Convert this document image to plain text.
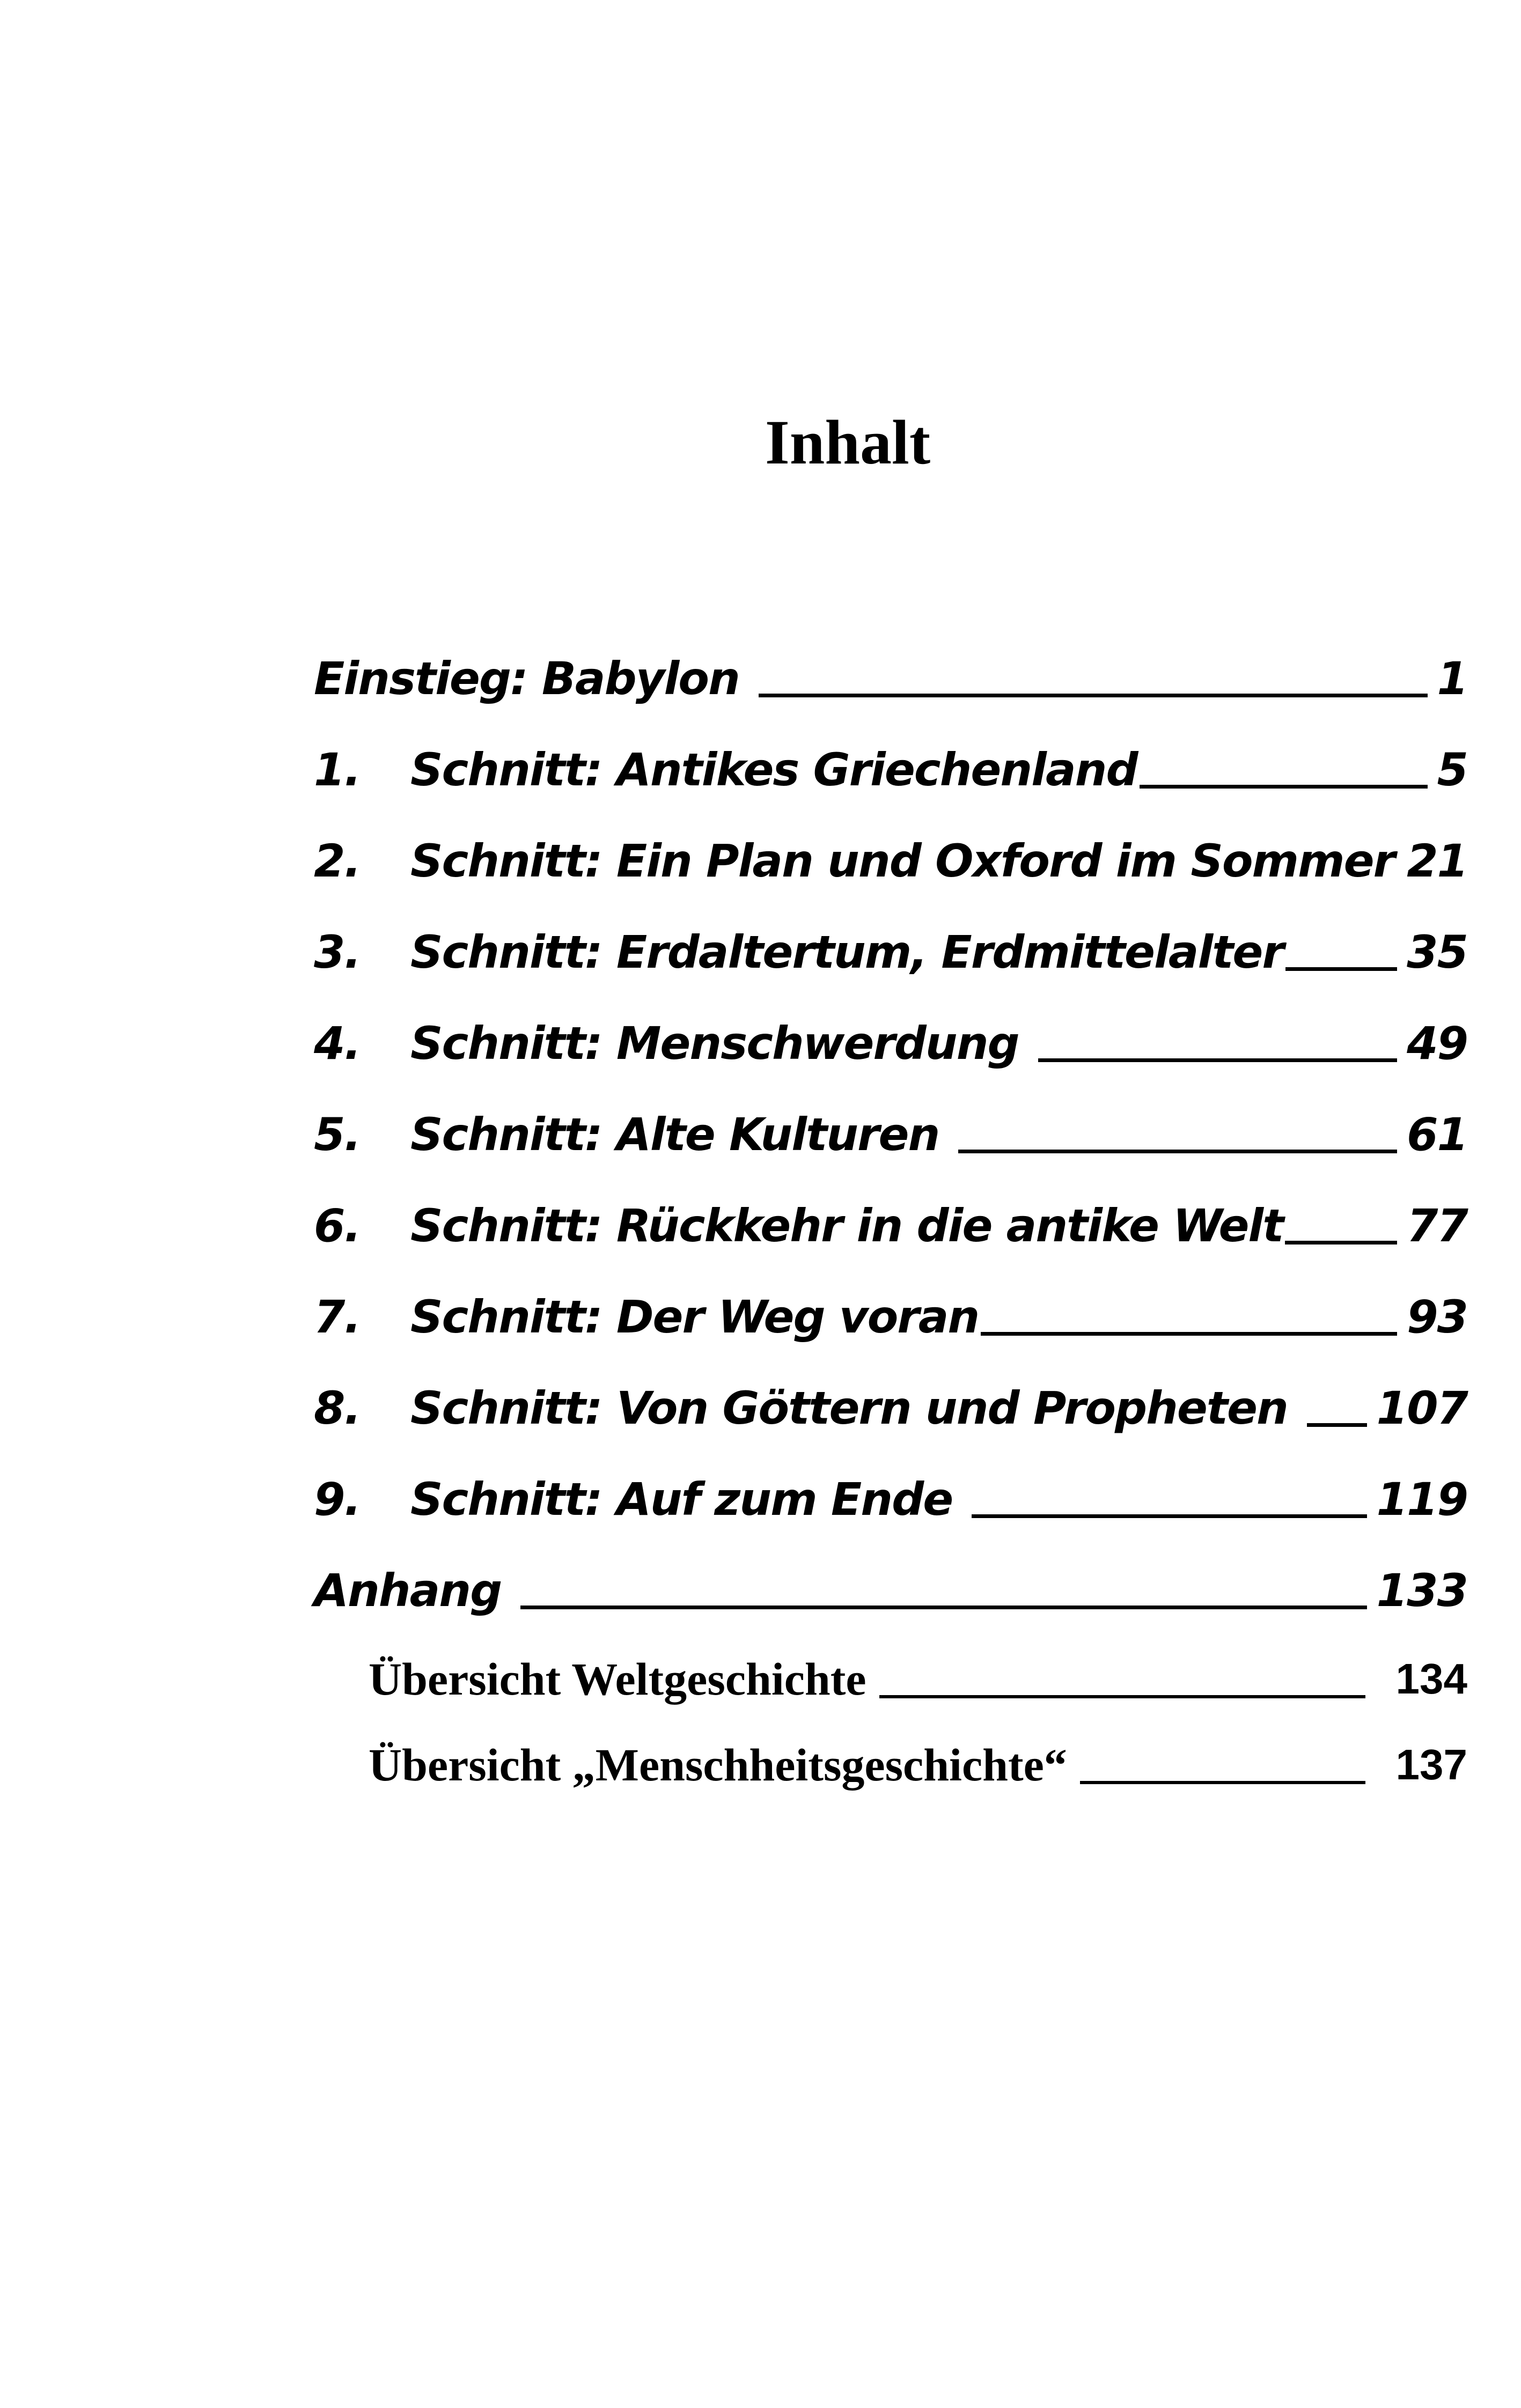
Inhalt
Einstieg: Babylon	1
1.	Schnitt: Antikes Griechenland	5
2.	Schnitt: Ein Plan und Oxford im Sommer 21
3.	Schnitt: Erdaltertum, Erdmittelalter	35
4.	Schnitt: Menschwerdung	49
5.	Schnitt: Alte Kulturen	61
6.	Schnitt: Rückkehr in die antike Welt	77
7.	Schnitt: Der Weg voran	93
8.	Schnitt: Von Göttern und Propheten 107
9.	Schnitt: Auf zum Ende	119
Anhang	133
Übersicht Weltgeschichte	134
Übersicht „Menschheitsgeschichte“	137
